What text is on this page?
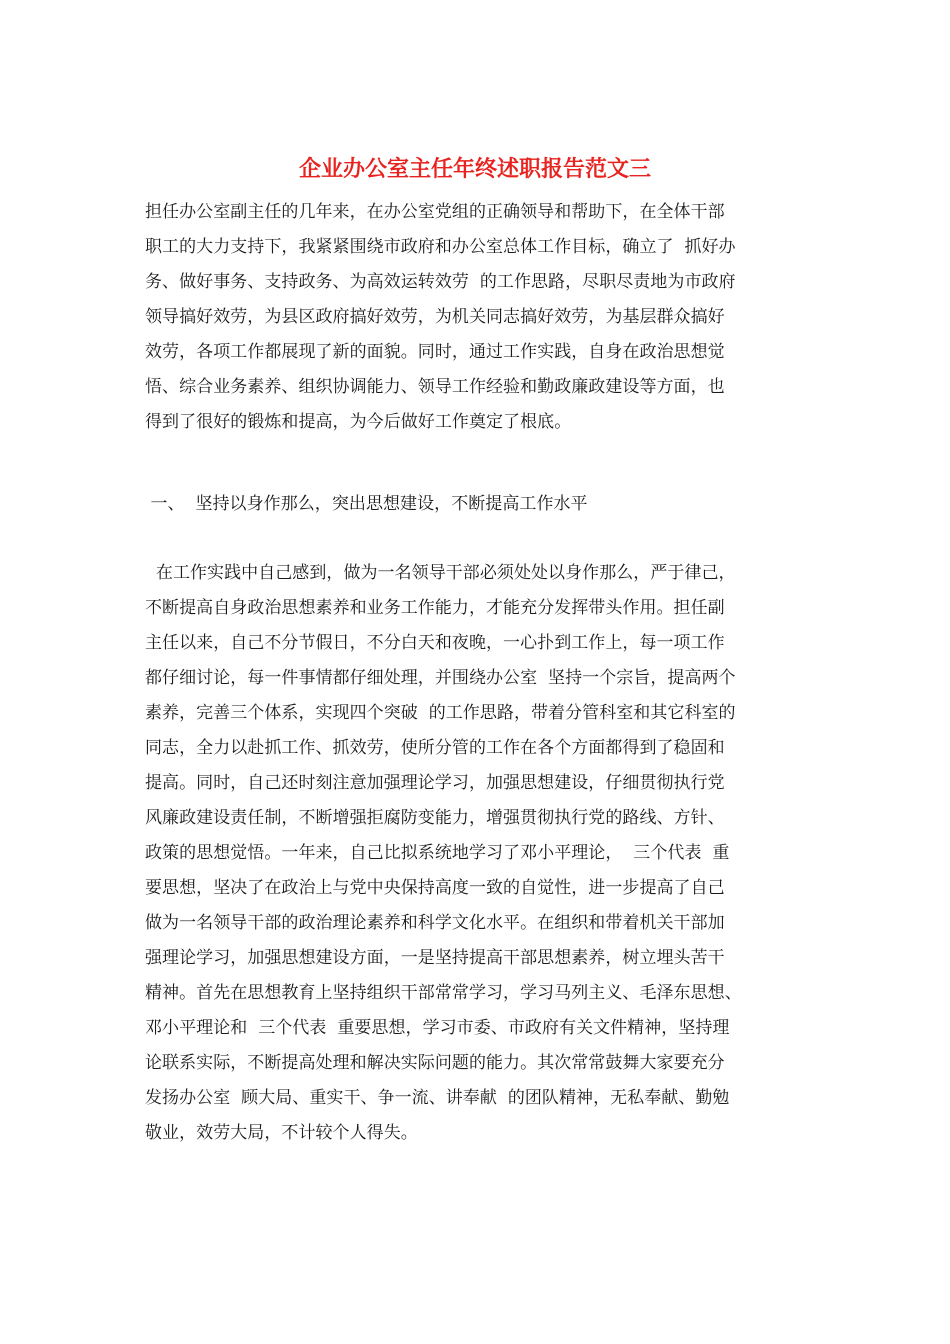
企业办公室主任年终述职报告范文三
担任办公室副主任的几年来，在办公室党组的正确领导和帮助下，在全体干部
职工的大力支持下，我紧紧围绕市政府和办公室总体工作目标，确立了  抓好办
务、做好事务、支持政务、为高效运转效劳  的工作思路，尽职尽责地为市政府
领导搞好效劳，为县区政府搞好效劳，为机关同志搞好效劳，为基层群众搞好
效劳，各项工作都展现了新的面貌。同时，通过工作实践，自身在政治思想觉
悟、综合业务素养、组织协调能力、领导工作经验和勤政廉政建设等方面，也
得到了很好的锻炼和提高，为今后做好工作奠定了根底。
一、  坚持以身作那么，突出思想建设，不断提高工作水平
在工作实践中自己感到，做为一名领导干部必须处处以身作那么，严于律己，
不断提高自身政治思想素养和业务工作能力，才能充分发挥带头作用。担任副
主任以来，自己不分节假日，不分白天和夜晚，一心扑到工作上，每一项工作
都仔细讨论，每一件事情都仔细处理，并围绕办公室  坚持一个宗旨，提高两个
素养，完善三个体系，实现四个突破  的工作思路，带着分管科室和其它科室的
同志，全力以赴抓工作、抓效劳，使所分管的工作在各个方面都得到了稳固和
提高。同时，自己还时刻注意加强理论学习，加强思想建设，仔细贯彻执行党
风廉政建设责任制，不断增强拒腐防变能力，增强贯彻执行党的路线、方针、
政策的思想觉悟。一年来，自己比拟系统地学习了邓小平理论，  三个代表  重
要思想，坚决了在政治上与党中央保持高度一致的自觉性，进一步提高了自己
做为一名领导干部的政治理论素养和科学文化水平。在组织和带着机关干部加
强理论学习，加强思想建设方面，一是坚持提高干部思想素养，树立埋头苦干
精神。首先在思想教育上坚持组织干部常常学习，学习马列主义、毛泽东思想、
邓小平理论和  三个代表  重要思想，学习市委、市政府有关文件精神，坚持理
论联系实际，不断提高处理和解决实际问题的能力。其次常常鼓舞大家要充分
发扬办公室  顾大局、重实干、争一流、讲奉献  的团队精神，无私奉献、勤勉
敬业，效劳大局，不计较个人得失。
